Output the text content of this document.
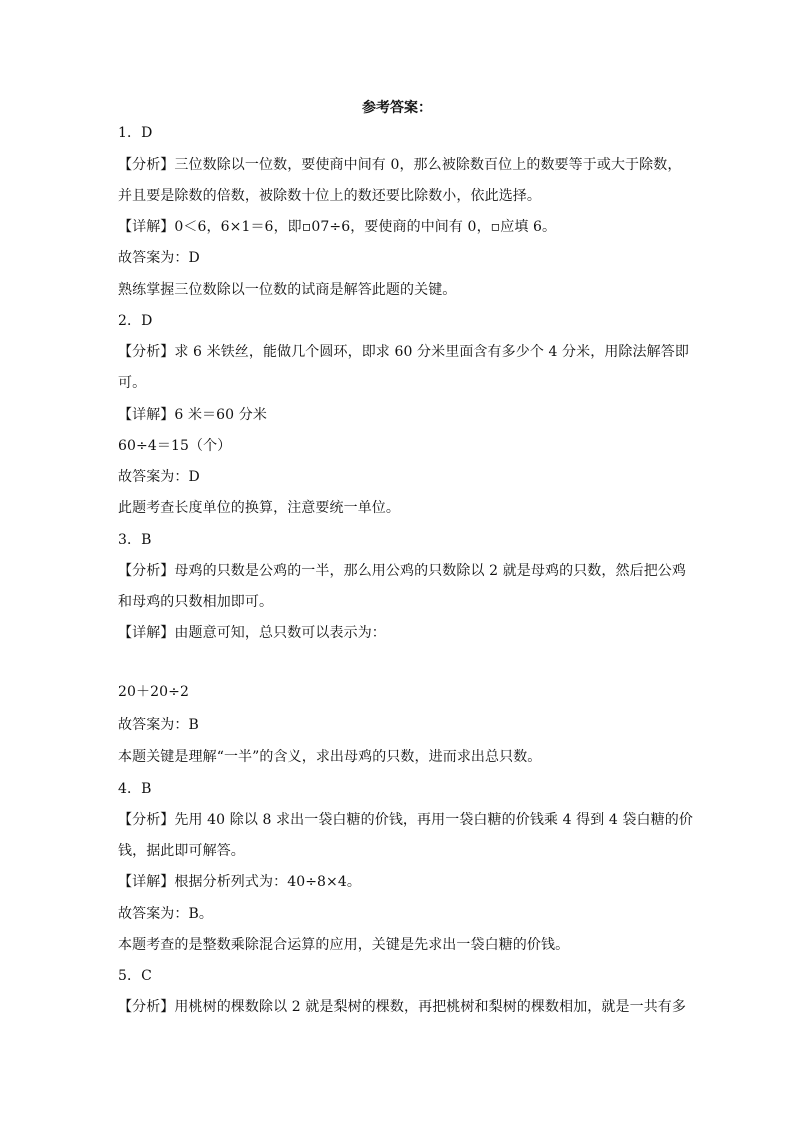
参考答案：
1．D
【分析】三位数除以一位数，要使商中间有 0，那么被除数百位上的数要等于或大于除数，
并且要是除数的倍数，被除数十位上的数还要比除数小，依此选择。
【详解】0＜6，6×1＝6，即▫07÷6，要使商的中间有 0，▫应填 6。
故答案为：D
熟练掌握三位数除以一位数的试商是解答此题的关键。
2．D
【分析】求 6 米铁丝，能做几个圆环，即求 60 分米里面含有多少个 4 分米，用除法解答即
可。
【详解】6 米＝60 分米
60÷4＝15（个）
故答案为：D
此题考查长度单位的换算，注意要统一单位。
3．B
【分析】母鸡的只数是公鸡的一半，那么用公鸡的只数除以 2 就是母鸡的只数，然后把公鸡
和母鸡的只数相加即可。
【详解】由题意可知，总只数可以表示为：
20＋20÷2
故答案为：B
本题关键是理解“一半”的含义，求出母鸡的只数，进而求出总只数。
4．B
【分析】先用 40 除以 8 求出一袋白糖的价钱，再用一袋白糖的价钱乘 4 得到 4 袋白糖的价
钱，据此即可解答。
【详解】根据分析列式为：40÷8×4。
故答案为：B。
本题考查的是整数乘除混合运算的应用，关键是先求出一袋白糖的价钱。
5．C
【分析】用桃树的棵数除以 2 就是梨树的棵数，再把桃树和梨树的棵数相加，就是一共有多
